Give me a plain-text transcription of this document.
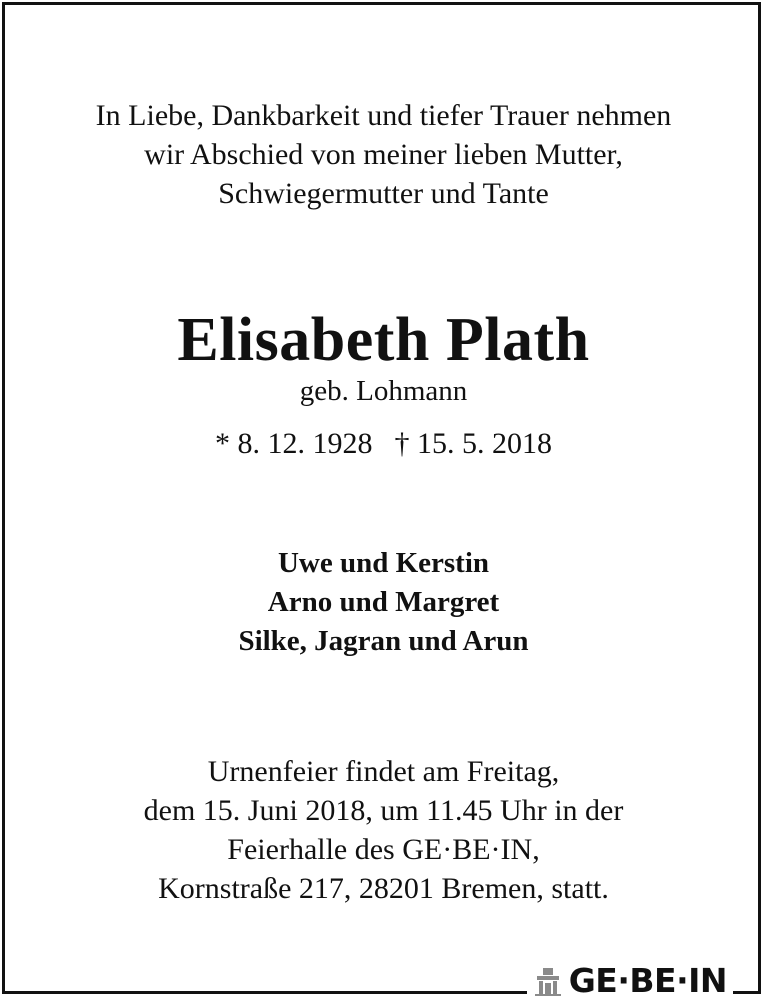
In Liebe, Dankbarkeit und tiefer Trauer nehmen
wir Abschied von meiner lieben Mutter,
Schwiegermutter und Tante
Elisabeth Plath
geb. Lohmann
* 8. 12. 1928 † 15. 5. 2018
Uwe und Kerstin
Arno und Margret
Silke, Jagran und Arun
Urnenfeier findet am Freitag,
dem 15. Juni 2018, um 11.45 Uhr in der
Feierhalle des GE·BE·IN,
Kornstraße 217, 28201 Bremen, statt.
GE·BE·IN
